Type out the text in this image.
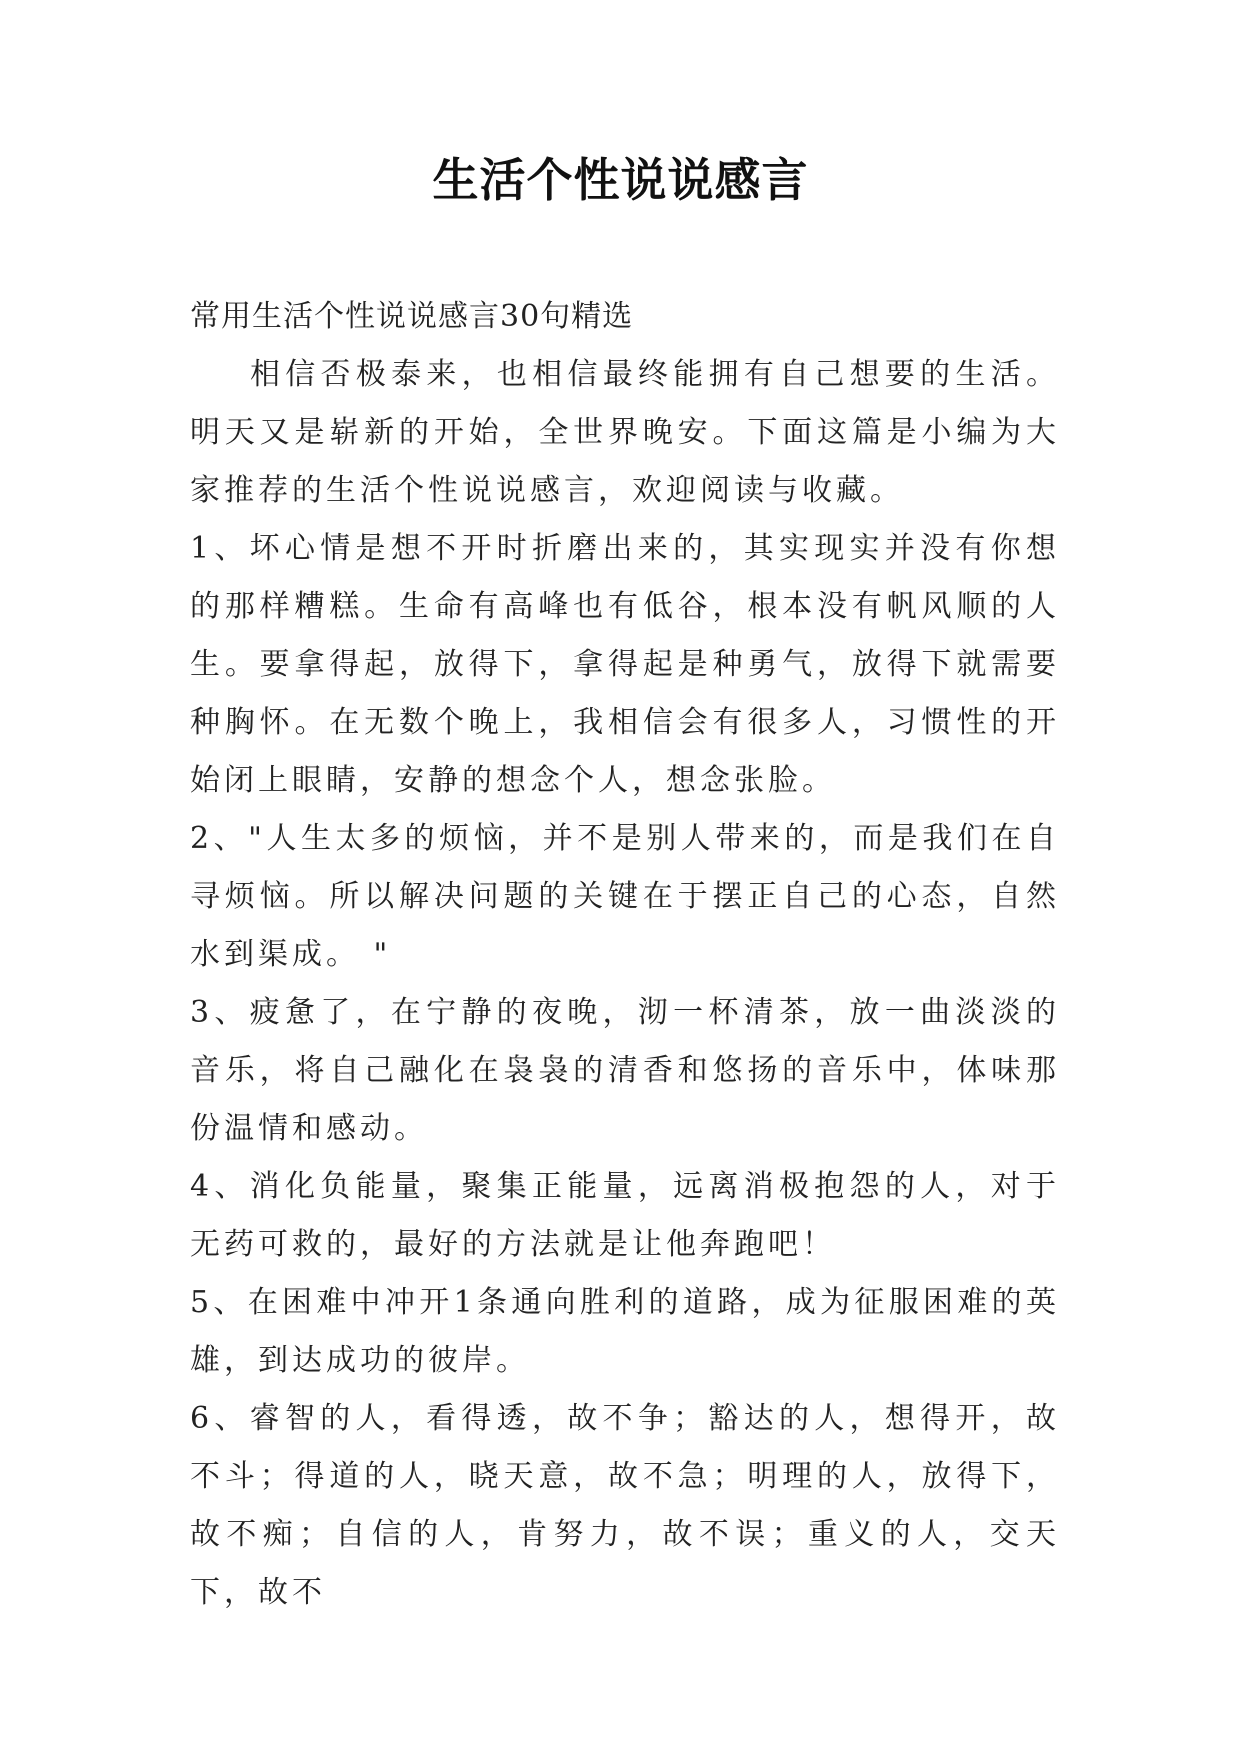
生活个性说说感言

常用生活个性说说感言30句精选

相信否极泰来，也相信最终能拥有自己想要的生活。明天又是崭新的开始，全世界晚安。下面这篇是小编为大家推荐的生活个性说说感言，欢迎阅读与收藏。

1、坏心情是想不开时折磨出来的，其实现实并没有你想的那样糟糕。生命有高峰也有低谷，根本没有帆风顺的人生。要拿得起，放得下，拿得起是种勇气，放得下就需要种胸怀。在无数个晚上，我相信会有很多人，习惯性的开始闭上眼睛，安静的想念个人，想念张脸。

2、"人生太多的烦恼，并不是别人带来的，而是我们在自寻烦恼。所以解决问题的关键在于摆正自己的心态，自然水到渠成。 "

3、疲惫了，在宁静的夜晚，沏一杯清茶，放一曲淡淡的音乐，将自己融化在袅袅的清香和悠扬的音乐中，体味那份温情和感动。

4、消化负能量，聚集正能量，远离消极抱怨的人，对于无药可救的，最好的方法就是让他奔跑吧！

5、在困难中冲开1条通向胜利的道路，成为征服困难的英雄，到达成功的彼岸。

6、睿智的人，看得透，故不争；豁达的人，想得开，故不斗；得道的人，晓天意，故不急；明理的人，放得下，故不痴；自信的人，肯努力，故不误；重义的人，交天下，故不
